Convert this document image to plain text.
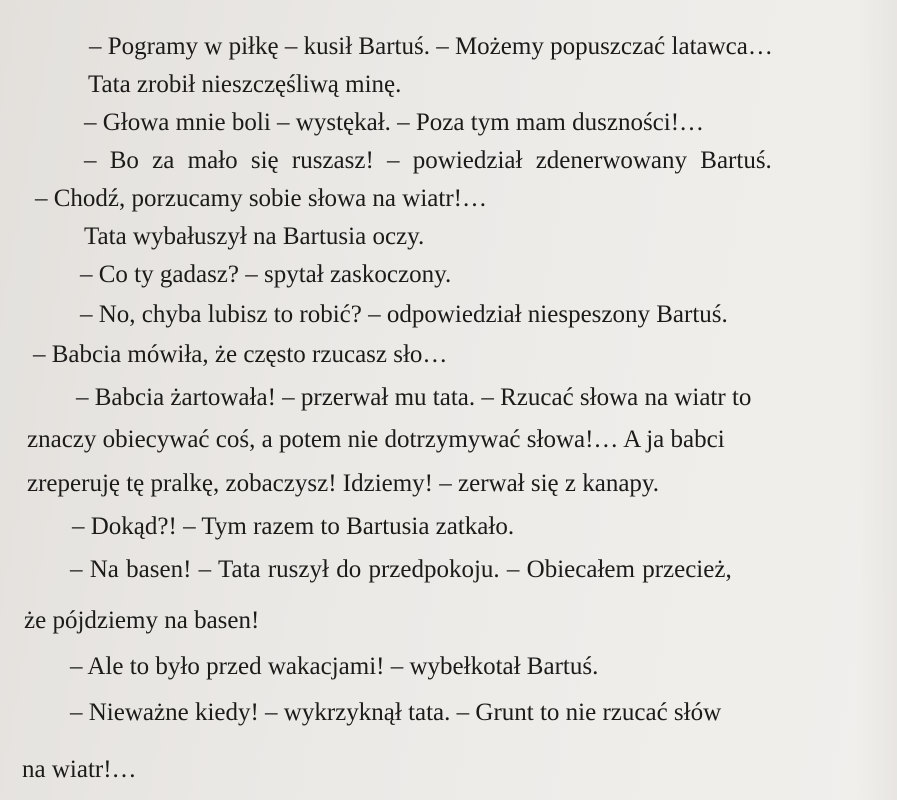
– Pogramy w piłkę – kusił Bartuś. – Możemy popuszczać latawca…
Tata zrobił nieszczęśliwą minę.
– Głowa mnie boli – wystękał. – Poza tym mam duszności!…
– Bo za mało się ruszasz! – powiedział zdenerwowany Bartuś.
– Chodź, porzucamy sobie słowa na wiatr!…
Tata wybałuszył na Bartusia oczy.
– Co ty gadasz? – spytał zaskoczony.
– No, chyba lubisz to robić? – odpowiedział niespeszony Bartuś.
– Babcia mówiła, że często rzucasz sło…
– Babcia żartowała! – przerwał mu tata. – Rzucać słowa na wiatr to
znaczy obiecywać coś, a potem nie dotrzymywać słowa!… A ja babci
zreperuję tę pralkę, zobaczysz! Idziemy! – zerwał się z kanapy.
– Dokąd?! – Tym razem to Bartusia zatkało.
– Na basen! – Tata ruszył do przedpokoju. – Obiecałem przecież,
że pójdziemy na basen!
– Ale to było przed wakacjami! – wybełkotał Bartuś.
– Nieważne kiedy! – wykrzyknął tata. – Grunt to nie rzucać słów
na wiatr!…
